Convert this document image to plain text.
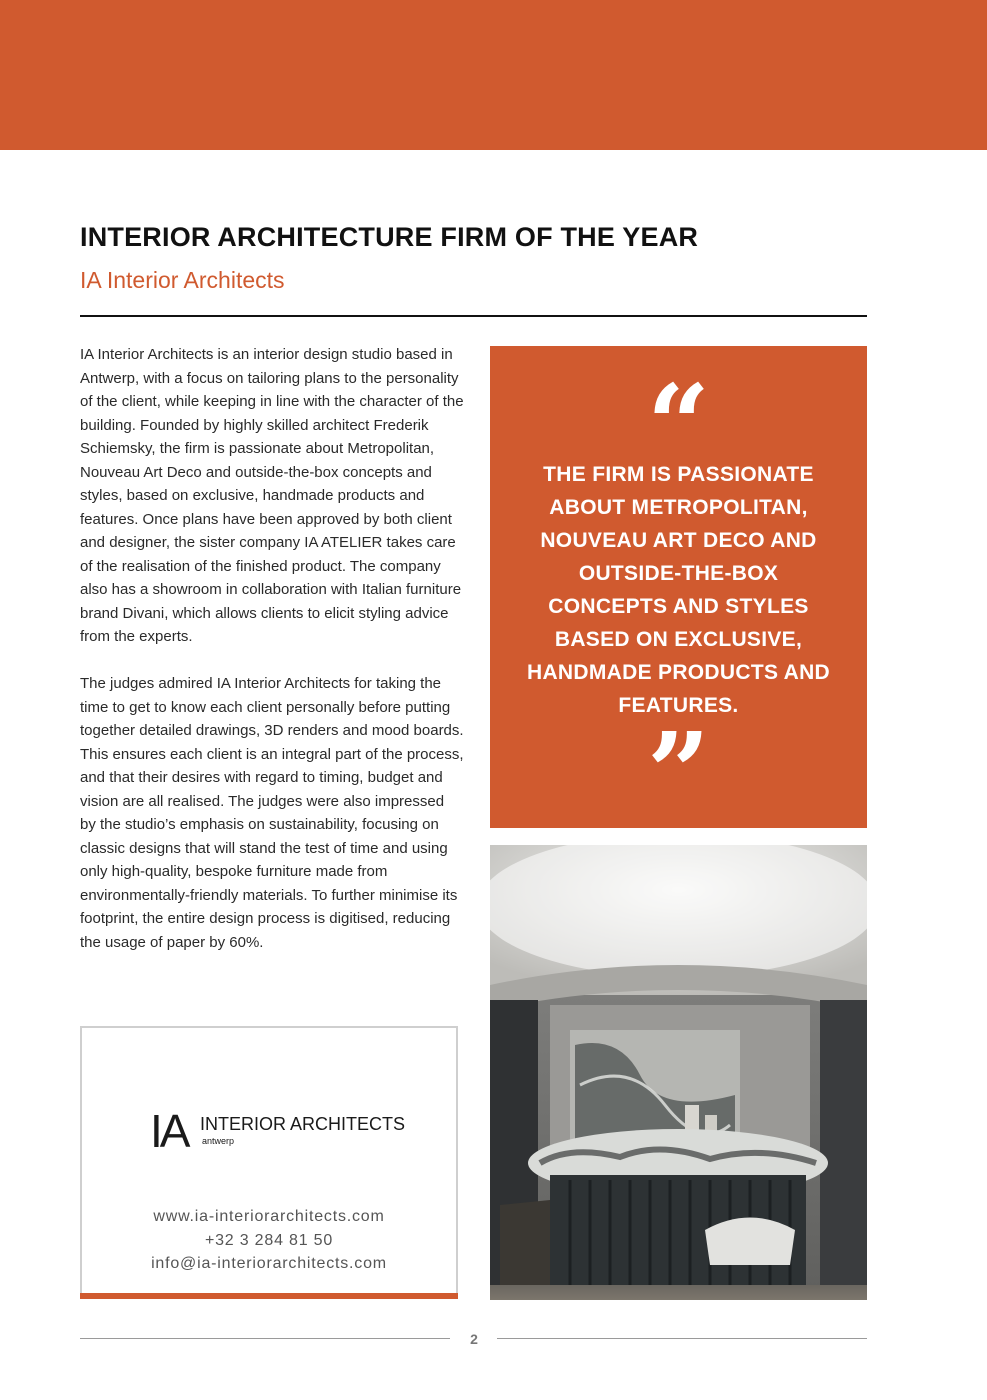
INTERIOR ARCHITECTURE FIRM OF THE YEAR
IA Interior Architects

IA Interior Architects is an interior design studio based in Antwerp, with a focus on tailoring plans to the personality of the client, while keeping in line with the character of the building. Founded by highly skilled architect Frederik Schiemsky, the firm is passionate about Metropolitan, Nouveau Art Deco and outside-the-box concepts and styles, based on exclusive, handmade products and features. Once plans have been approved by both client and designer, the sister company IA ATELIER takes care of the realisation of the finished product. The company also has a showroom in collaboration with Italian furniture brand Divani, which allows clients to elicit styling advice from the experts.

The judges admired IA Interior Architects for taking the time to get to know each client personally before putting together detailed drawings, 3D renders and mood boards. This ensures each client is an integral part of the process, and that their desires with regard to timing, budget and vision are all realised. The judges were also impressed by the studio’s emphasis on sustainability, focusing on classic designs that will stand the test of time and using only high-quality, bespoke furniture made from environmentally-friendly materials. To further minimise its footprint, the entire design process is digitised, reducing the usage of paper by 60%.

“
THE FIRM IS PASSIONATE ABOUT METROPOLITAN, NOUVEAU ART DECO AND OUTSIDE-THE-BOX CONCEPTS AND STYLES BASED ON EXCLUSIVE, HANDMADE PRODUCTS AND FEATURES.
”
IA INTERIOR ARCHITECTS
antwerp
www.ia-interiorarchitects.com
+32 3 284 81 50
info@ia-interiorarchitects.com
2
